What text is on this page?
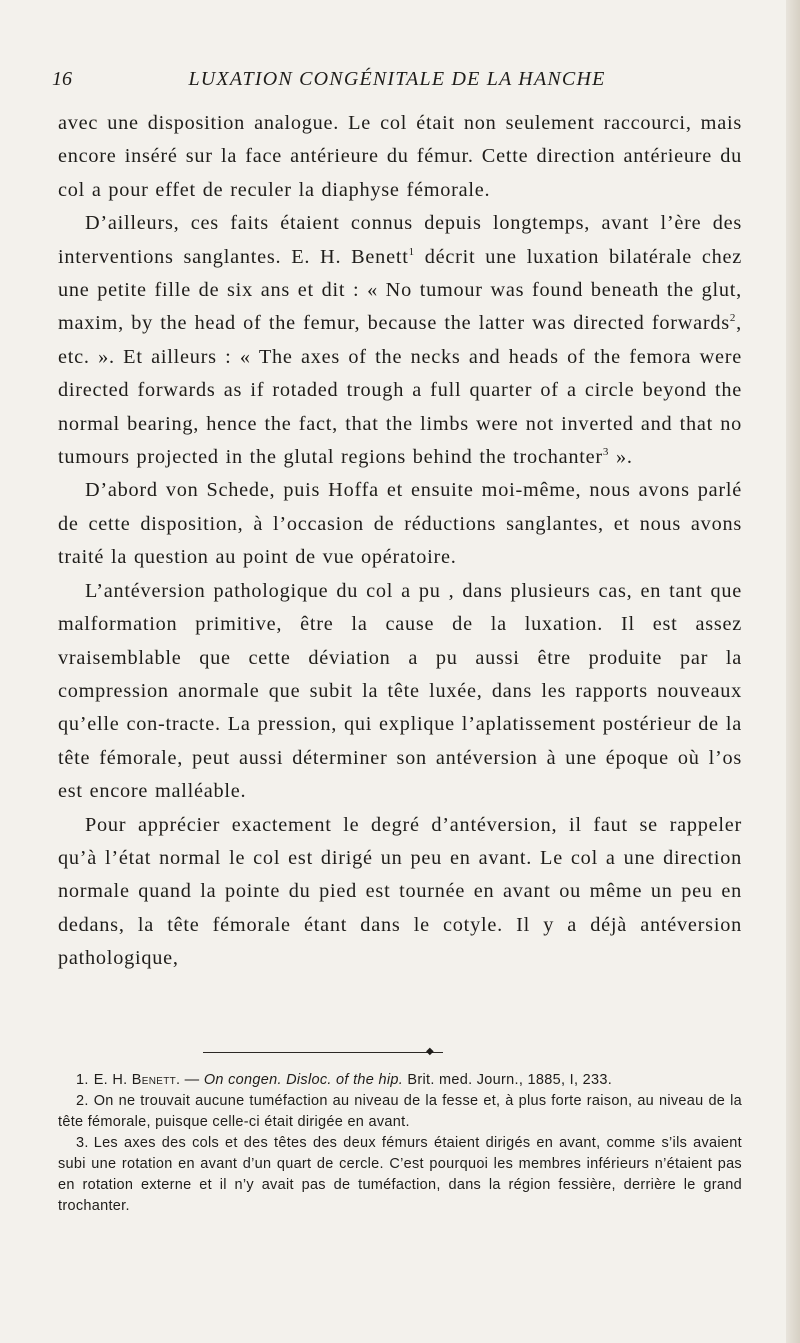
16	LUXATION CONGÉNITALE DE LA HANCHE

avec une disposition analogue. Le col était non seulement raccourci, mais encore inséré sur la face antérieure du fémur. Cette direction antérieure du col a pour effet de reculer la diaphyse fémorale.

D’ailleurs, ces faits étaient connus depuis longtemps, avant l’ère des interventions sanglantes. E. H. Benett$^1$ décrit une luxation bilatérale chez une petite fille de six ans et dit : « No tumour was found beneath the glut, maxim, by the head of the femur, because the latter was directed forwards$^2$, etc. ». Et ailleurs : « The axes of the necks and heads of the femora were directed forwards as if rotaded trough a full quarter of a circle beyond the normal bearing, hence the fact, that the limbs were not inverted and that no tumours projected in the glutal regions behind the trochanter$^3$ ».

D’abord von Schede, puis Hoffa et ensuite moi-même, nous avons parlé de cette disposition, à l’occasion de réductions sanglantes, et nous avons traité la question au point de vue opératoire.

L’antéversion pathologique du col a pu , dans plusieurs cas, en tant que malformation primitive, être la cause de la luxation. Il est assez vraisemblable que cette déviation a pu aussi être produite par la compression anormale que subit la tête luxée, dans les rapports nouveaux qu’elle con-tracte. La pression, qui explique l’aplatissement postérieur de la tête fémorale, peut aussi déterminer son antéversion à une époque où l’os est encore malléable.

Pour apprécier exactement le degré d’antéversion, il faut se rappeler qu’à l’état normal le col est dirigé un peu en avant. Le col a une direction normale quand la pointe du pied est tournée en avant ou même un peu en dedans, la tête fémorale étant dans le cotyle. Il y a déjà antéversion pathologique,

◆

1. E. H. Benett. — On congen. Disloc. of the hip. Brit. med. Journ., 1885, I, 233.

2. On ne trouvait aucune tuméfaction au niveau de la fesse et, à plus forte raison, au niveau de la tête fémorale, puisque celle-ci était dirigée en avant.

3. Les axes des cols et des têtes des deux fémurs étaient dirigés en avant, comme s’ils avaient subi une rotation en avant d’un quart de cercle. C’est pourquoi les membres inférieurs n’étaient pas en rotation externe et il n’y avait pas de tuméfaction, dans la région fessière, derrière le grand trochanter.
